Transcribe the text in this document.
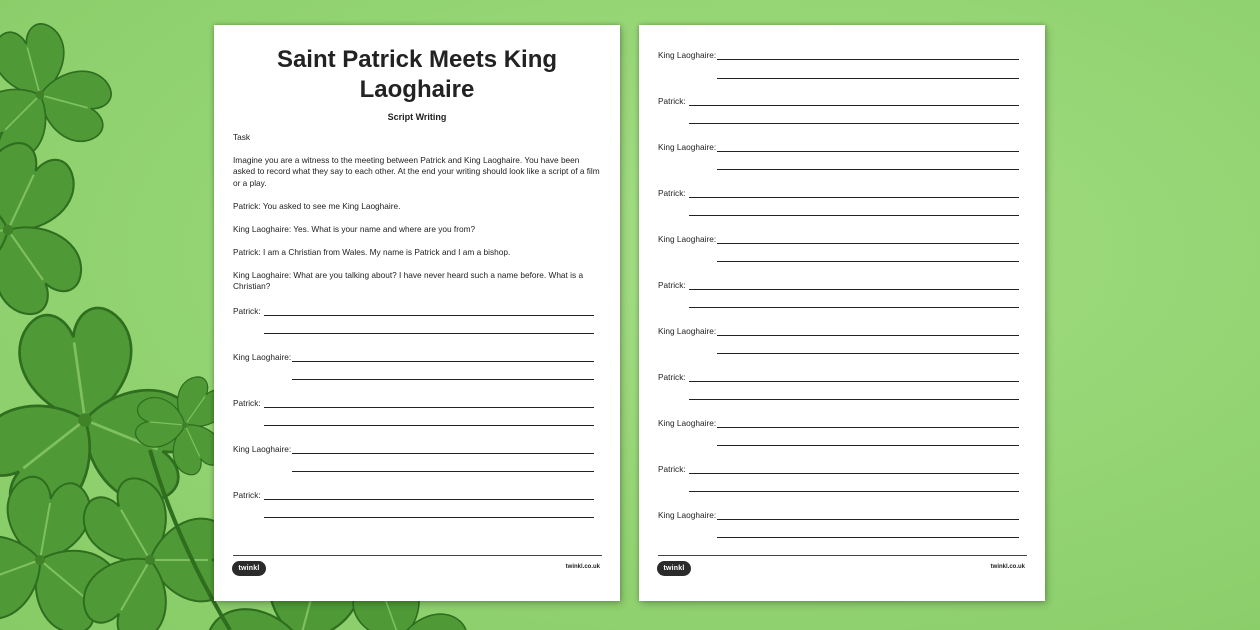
Saint Patrick Meets King Laoghaire
Script Writing

Task

Imagine you are a witness to the meeting between Patrick and King Laoghaire. You have been asked to record what they say to each other. At the end your writing should look like a script of a film or a play.

Patrick: You asked to see me King Laoghaire.

King Laoghaire: Yes. What is your name and where are you from?

Patrick: I am a Christian from Wales. My name is Patrick and I am a bishop.

King Laoghaire: What are you talking about? I have never heard such a name before. What is a Christian?

Patrick:
King Laoghaire:
Patrick:
King Laoghaire:
Patrick:
twinkl	twinkl.co.uk
King Laoghaire:
Patrick:
King Laoghaire:
Patrick:
King Laoghaire:
Patrick:
King Laoghaire:
Patrick:
King Laoghaire:
Patrick:
King Laoghaire:
twinkl	twinkl.co.uk
